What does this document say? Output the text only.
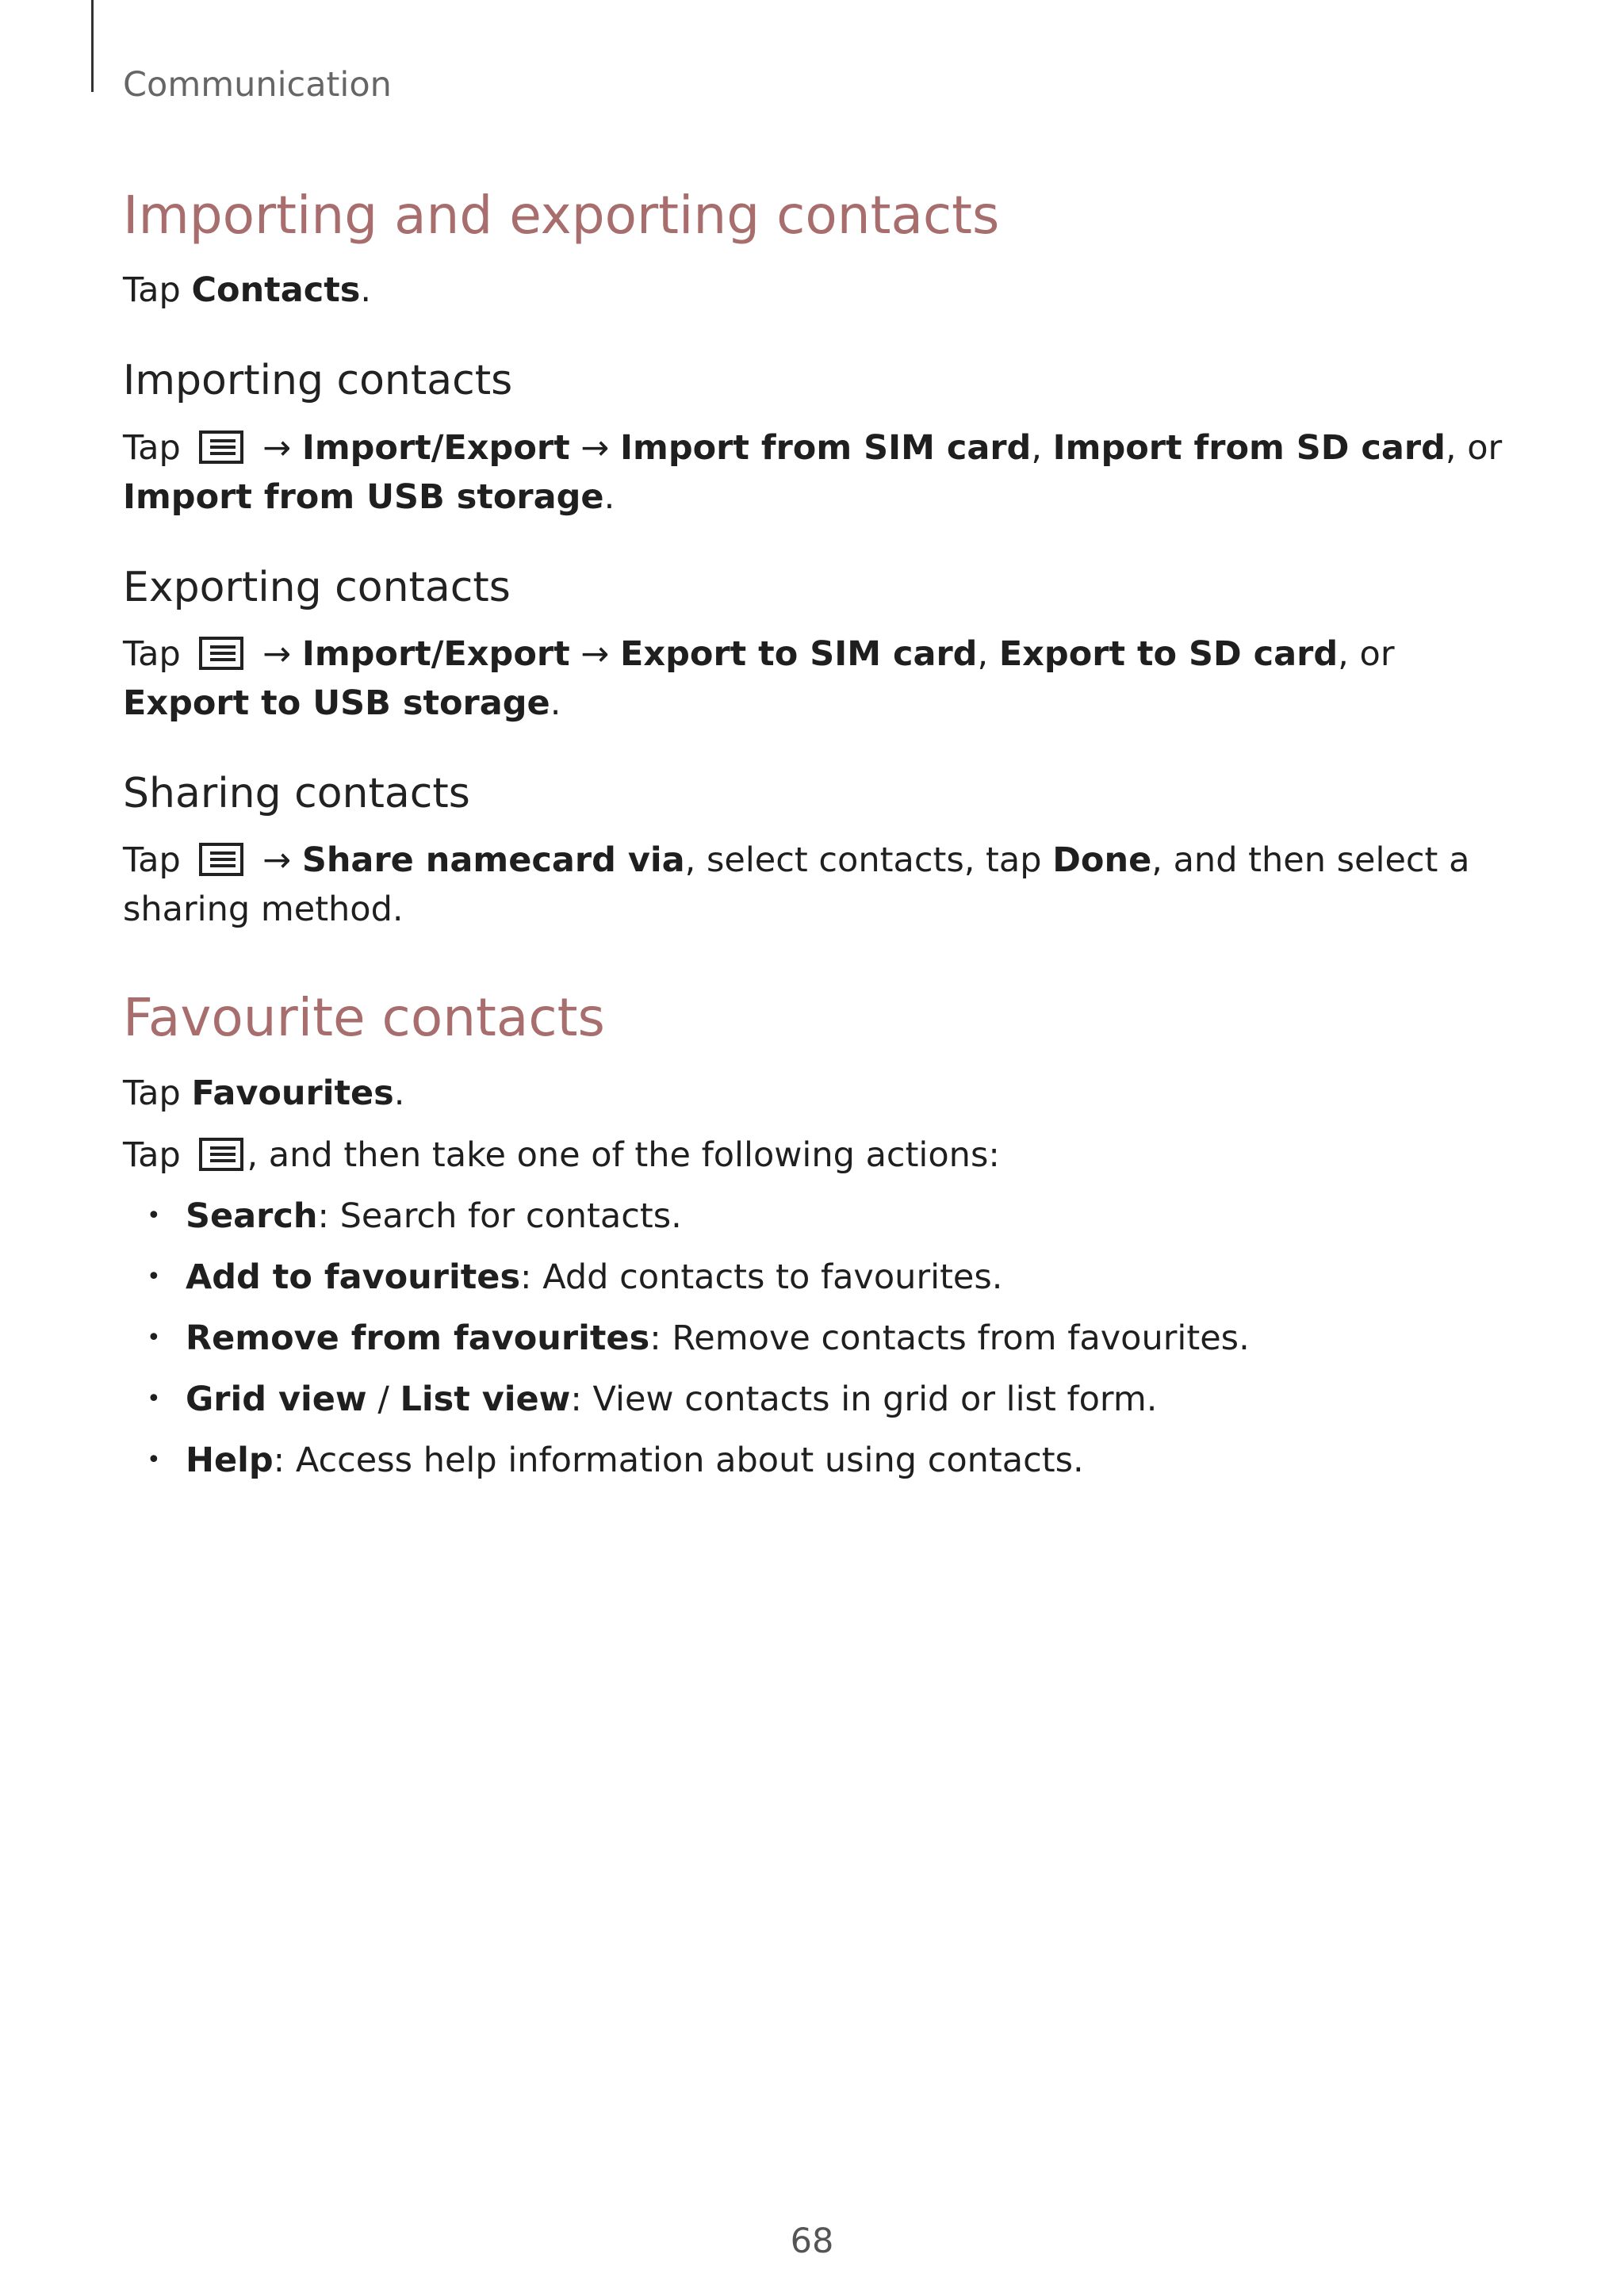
Communication

Importing and exporting contacts

Tap Contacts.

Importing contacts

Tap
→ Import/Export → Import from SIM card, Import from SD card, or Import from USB storage.

Exporting contacts

Tap
→ Import/Export → Export to SIM card, Export to SD card, or Export to USB storage.

Sharing contacts

Tap
→ Share namecard via, select contacts, tap Done, and then select a sharing method.

Favourite contacts

Tap Favourites.

Tap
, and then take one of the following actions:

• Search: Search for contacts.
• Add to favourites: Add contacts to favourites.
• Remove from favourites: Remove contacts from favourites.
• Grid view / List view: View contacts in grid or list form.
• Help: Access help information about using contacts.

68
